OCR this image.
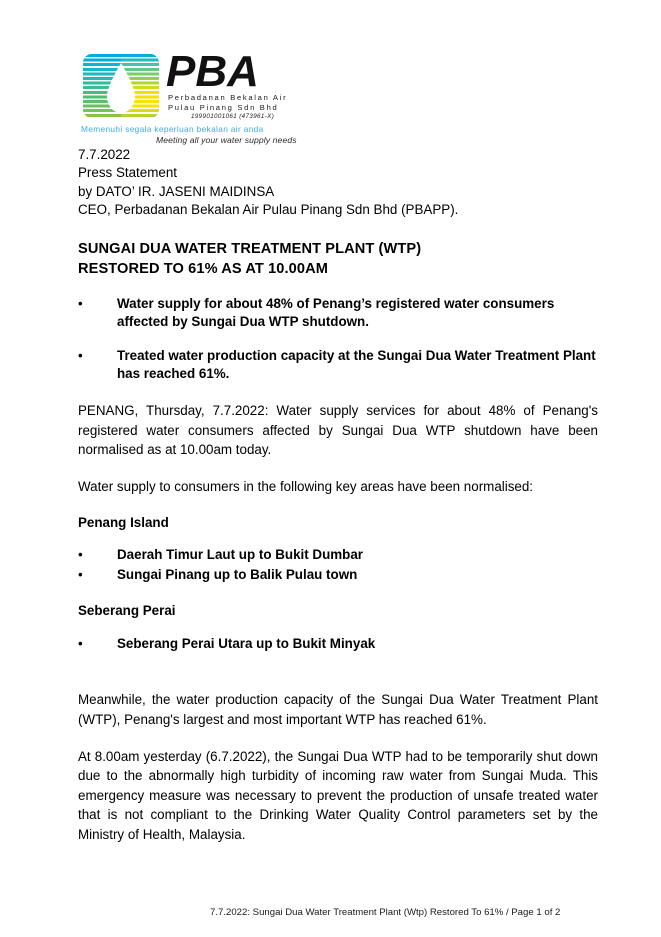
PBA
Perbadanan Bekalan Air
Pulau Pinang Sdn Bhd
199901001061 (473961-X)
Memenuhi segala keperluan bekalan air anda
Meeting all your water supply needs
7.7.2022
Press Statement
by DATO’ IR. JASENI MAIDINSA
CEO, Perbadanan Bekalan Air Pulau Pinang Sdn Bhd (PBAPP).
SUNGAI DUA WATER TREATMENT PLANT (WTP)
RESTORED TO 61% AS AT 10.00AM
•	Water supply for about 48% of Penang’s registered water consumers affected by Sungai Dua WTP shutdown.
•	Treated water production capacity at the Sungai Dua Water Treatment Plant has reached 61%.
PENANG, Thursday, 7.7.2022: Water supply services for about 48% of Penang's registered water consumers affected by Sungai Dua WTP shutdown have been normalised as at 10.00am today.
Water supply to consumers in the following key areas have been normalised:
Penang Island
•	Daerah Timur Laut up to Bukit Dumbar
•	Sungai Pinang up to Balik Pulau town
Seberang Perai
•	Seberang Perai Utara up to Bukit Minyak
Meanwhile, the water production capacity of the Sungai Dua Water Treatment Plant (WTP), Penang's largest and most important WTP has reached 61%.
At 8.00am yesterday (6.7.2022), the Sungai Dua WTP had to be temporarily shut down due to the abnormally high turbidity of incoming raw water from Sungai Muda. This emergency measure was necessary to prevent the production of unsafe treated water that is not compliant to the Drinking Water Quality Control parameters set by the Ministry of Health, Malaysia.
7.7.2022: Sungai Dua Water Treatment Plant (Wtp) Restored To 61% / Page 1 of 2
